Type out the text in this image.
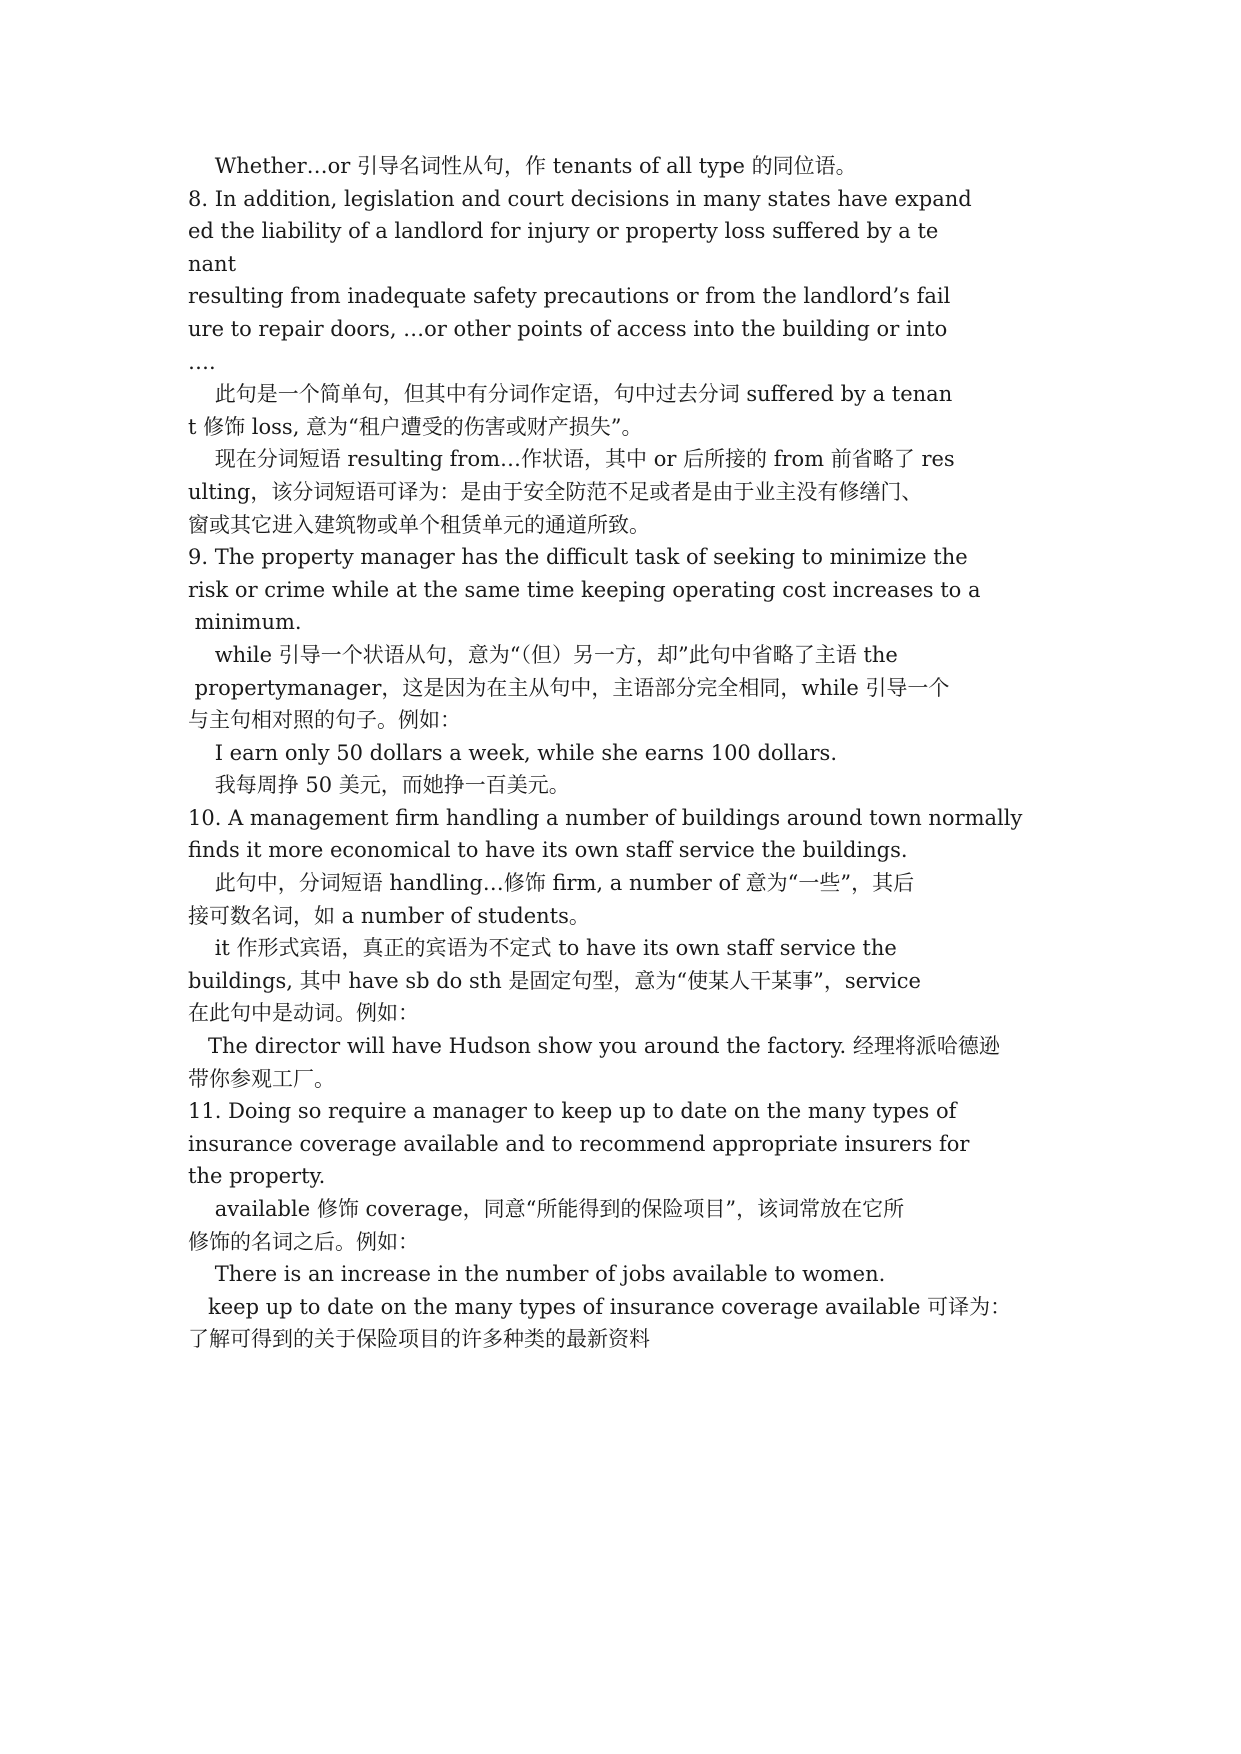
Whether…or 引导名词性从句，作 tenants of all type 的同位语。
8. In addition, legislation and court decisions in many states have expand
ed the liability of a landlord for injury or property loss suffered by a te
nant
resulting from inadequate safety precautions or from the landlord’s fail
ure to repair doors, …or other points of access into the building or into
….
此句是一个简单句，但其中有分词作定语，句中过去分词 suffered by a tenan
t 修饰 loss, 意为“租户遭受的伤害或财产损失”。
现在分词短语 resulting from…作状语，其中 or 后所接的 from 前省略了 res
ulting，该分词短语可译为：是由于安全防范不足或者是由于业主没有修缮门、
窗或其它进入建筑物或单个租赁单元的通道所致。
9. The property manager has the difficult task of seeking to minimize the
risk or crime while at the same time keeping operating cost increases to a
minimum.
while 引导一个状语从句，意为“（但）另一方，却”此句中省略了主语 the
propertymanager，这是因为在主从句中，主语部分完全相同，while 引导一个
与主句相对照的句子。例如：
I earn only 50 dollars a week, while she earns 100 dollars.
我每周挣 50 美元，而她挣一百美元。
10. A management firm handling a number of buildings around town normally
finds it more economical to have its own staff service the buildings.
此句中，分词短语 handling…修饰 firm, a number of 意为“一些”，其后
接可数名词，如 a number of students。
it 作形式宾语，真正的宾语为不定式 to have its own staff service the
buildings, 其中 have sb do sth 是固定句型，意为“使某人干某事”，service
在此句中是动词。例如：
The director will have Hudson show you around the factory. 经理将派哈德逊
带你参观工厂。
11. Doing so require a manager to keep up to date on the many types of
insurance coverage available and to recommend appropriate insurers for
the property.
available 修饰 coverage，同意“所能得到的保险项目”，该词常放在它所
修饰的名词之后。例如：
There is an increase in the number of jobs available to women.
keep up to date on the many types of insurance coverage available 可译为：
了解可得到的关于保险项目的许多种类的最新资料
